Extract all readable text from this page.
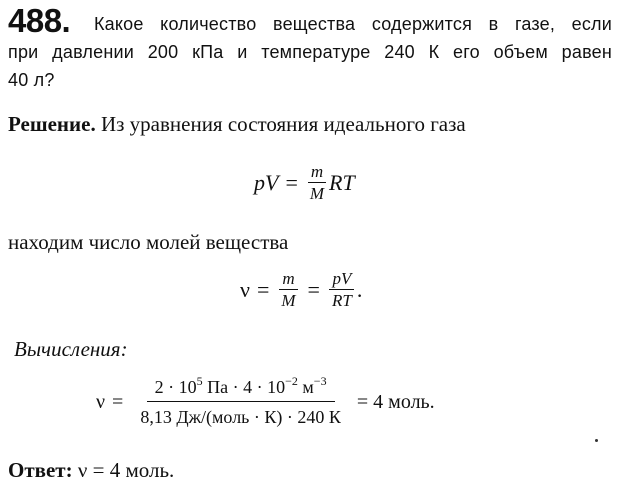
488. Какое количество вещества содержится в газе, если
при давлении 200 кПа и температуре 240 К его объем равен
40 л?
Решение. Из уравнения состояния идеального газа
pV = $\frac{m}{M}$ RT
находим число молей вещества
$\nu = \frac{m}{M} = \frac{pV}{RT}$ .
Вычисления:
$\nu = \frac{2 \cdot 10^5 Па \cdot 4 \cdot 10^{-2} м^{-3}}{\text{8,13 Дж/(моль · К) · 240 К}} = 4$ моль.
Ответ: ν = 4 моль.
